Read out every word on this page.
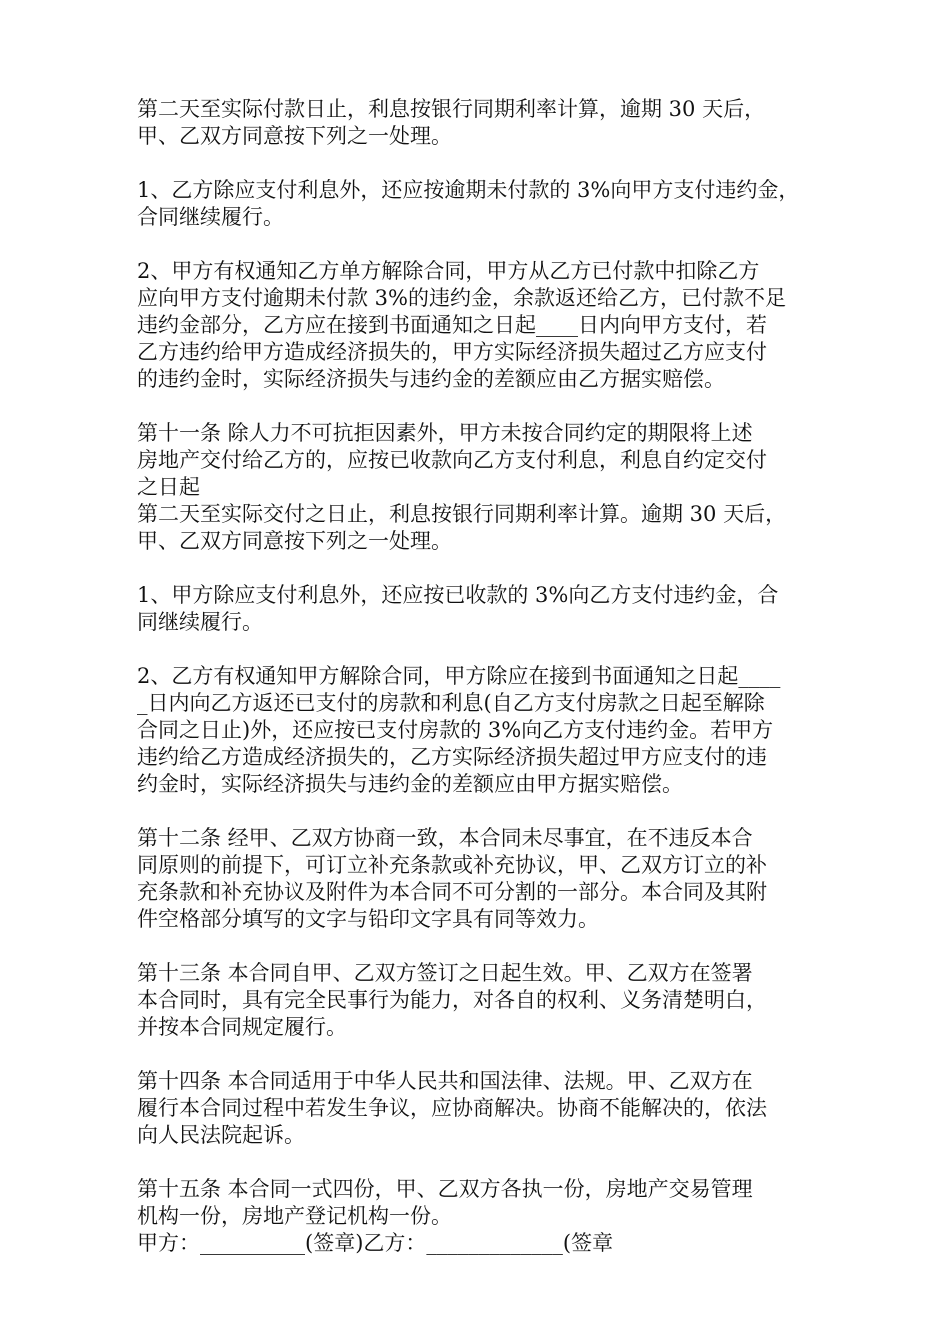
第二天至实际付款日止，利息按银行同期利率计算，逾期 30 天后，
甲、乙双方同意按下列之一处理。
1、乙方除应支付利息外，还应按逾期未付款的 3%向甲方支付违约金，
合同继续履行。
2、甲方有权通知乙方单方解除合同，甲方从乙方已付款中扣除乙方
应向甲方支付逾期未付款 3%的违约金，余款返还给乙方，已付款不足
违约金部分，乙方应在接到书面通知之日起____日内向甲方支付，若
乙方违约给甲方造成经济损失的，甲方实际经济损失超过乙方应支付
的违约金时，实际经济损失与违约金的差额应由乙方据实赔偿。
第十一条 除人力不可抗拒因素外，甲方未按合同约定的期限将上述
房地产交付给乙方的，应按已收款向乙方支付利息，利息自约定交付
之日起
第二天至实际交付之日止，利息按银行同期利率计算。逾期 30 天后，
甲、乙双方同意按下列之一处理。
1、甲方除应支付利息外，还应按已收款的 3%向乙方支付违约金，合
同继续履行。
2、乙方有权通知甲方解除合同，甲方除应在接到书面通知之日起____
_日内向乙方返还已支付的房款和利息(自乙方支付房款之日起至解除
合同之日止)外，还应按已支付房款的 3%向乙方支付违约金。若甲方
违约给乙方造成经济损失的，乙方实际经济损失超过甲方应支付的违
约金时，实际经济损失与违约金的差额应由甲方据实赔偿。
第十二条 经甲、乙双方协商一致，本合同未尽事宜，在不违反本合
同原则的前提下，可订立补充条款或补充协议，甲、乙双方订立的补
充条款和补充协议及附件为本合同不可分割的一部分。本合同及其附
件空格部分填写的文字与铅印文字具有同等效力。
第十三条 本合同自甲、乙双方签订之日起生效。甲、乙双方在签署
本合同时，具有完全民事行为能力，对各自的权利、义务清楚明白，
并按本合同规定履行。
第十四条 本合同适用于中华人民共和国法律、法规。甲、乙双方在
履行本合同过程中若发生争议，应协商解决。协商不能解决的，依法
向人民法院起诉。
第十五条 本合同一式四份，甲、乙双方各执一份，房地产交易管理
机构一份，房地产登记机构一份。
甲方：__________(签章)乙方：_____________(签章
